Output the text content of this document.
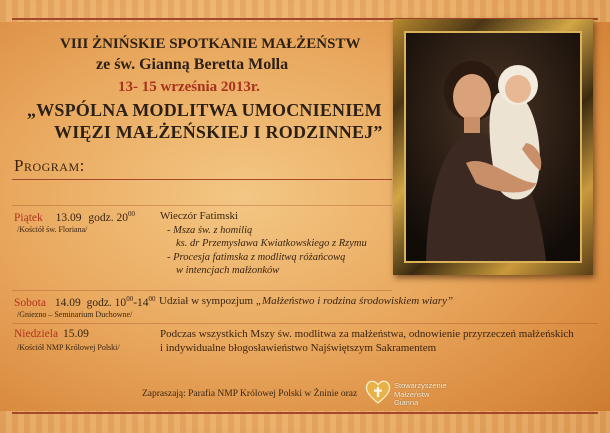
VIII ŻNIŃSKIE SPOTKANIE MAŁŻEŃSTW
ze św. Gianną Beretta Molla
13- 15 września 2013r.
„WSPÓLNA MODLITWA UMOCNIENIEM
WIĘZI MAŁŻEŃSKIEJ I RODZINNEJ”
Program:
Piątek 13.09 godz. $20^{00}$
/Kościół św. Floriana/
Wieczór Fatimski
- Msza św. z homilią
ks. dr Przemysława Kwiatkowskiego z Rzymu
- Procesja fatimska z modlitwą różańcową
w intencjach małżonków
Sobota 14.09 godz. $10^{00}-14^{00}$
/Gniezno – Seminarium Duchowne/
Udział w sympozjum „Małżeństwo i rodzina środowiskiem wiary”
Niedziela 15.09
/Kościół NMP Królowej Polski/
Podczas wszystkich Mszy św. modlitwa za małżeństwa, odnowienie przyrzeczeń małżeńskich
i indywidualne błogosławieństwo Najświętszym Sakramentem
Zapraszają: Parafia NMP Królowej Polski w Żninie oraz
Stowarzyszenie
Małżeństw
Gianna
